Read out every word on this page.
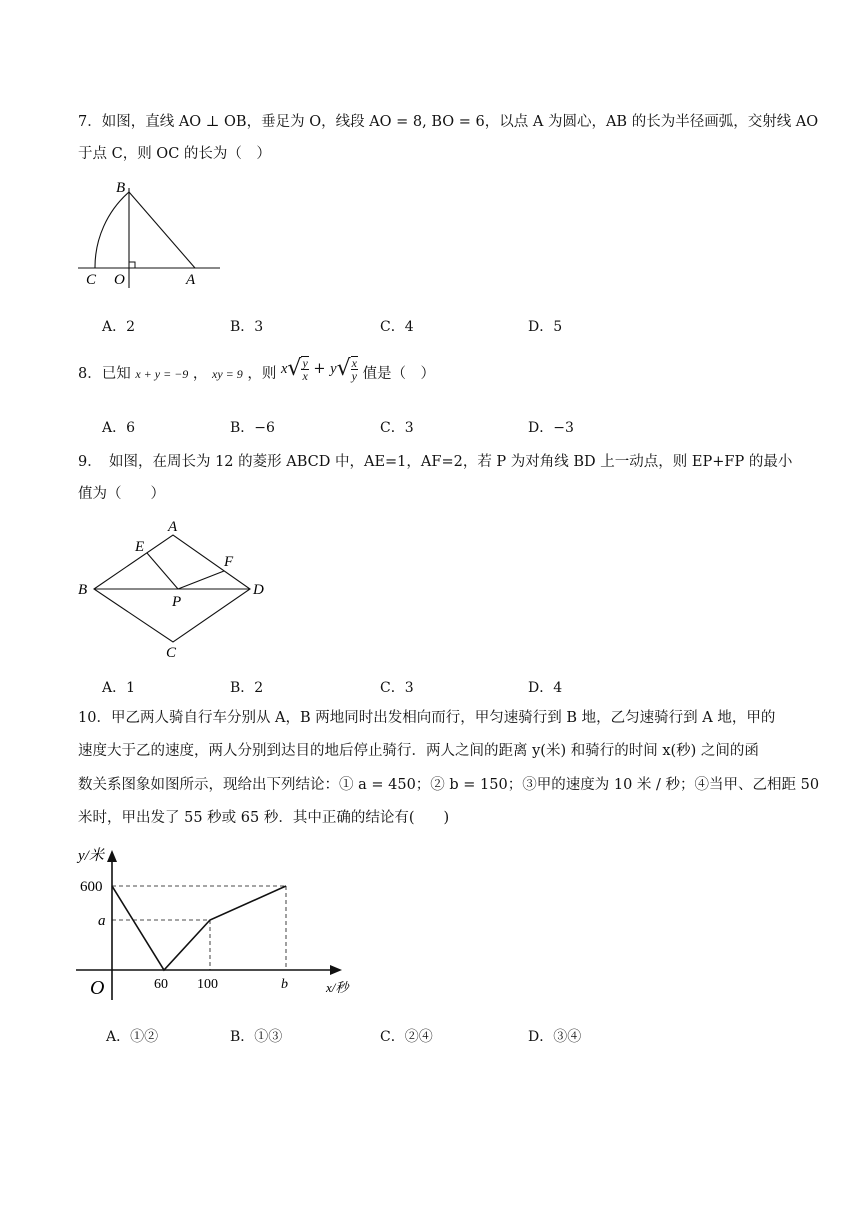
7．如图，直线 AO ⊥ OB，垂足为 O，线段 AO = 8, BO = 6，以点 A 为圆心，AB 的长为半径画弧，交射线 AO
于点 C，则 OC 的长为（　）
B
C O	A
A．2	B．3	C．4	D．5
8．已知 x + y = −9 ， xy = 9 ，则 $x√ \frac{y}{x} + y√ \frac{x}{y}$ 值是（　）
A．6	B．−6	C．3	D．−3
9．　如图，在周长为 12 的菱形 ABCD 中，AE=1，AF=2，若 P 为对角线 BD 上一动点，则 EP+FP 的最小
值为（　　）
A
B	D
C
E
F
P
A．1	B．2	C．3	D．4
10．甲乙两人骑自行车分别从 A，B 两地同时出发相向而行，甲匀速骑行到 B 地，乙匀速骑行到 A 地，甲的
速度大于乙的速度，两人分别到达目的地后停止骑行．两人之间的距离 y(米) 和骑行的时间 x(秒) 之间的函
数关系图象如图所示，现给出下列结论：① a = 450；② b = 150；③甲的速度为 10 米 / 秒；④当甲、乙相距 50
米时，甲出发了 55 秒或 65 秒．其中正确的结论有(　　)
y/米
600
a
O	60 100	b	x/秒
A．①②	B．①③	C．②④	D．③④
